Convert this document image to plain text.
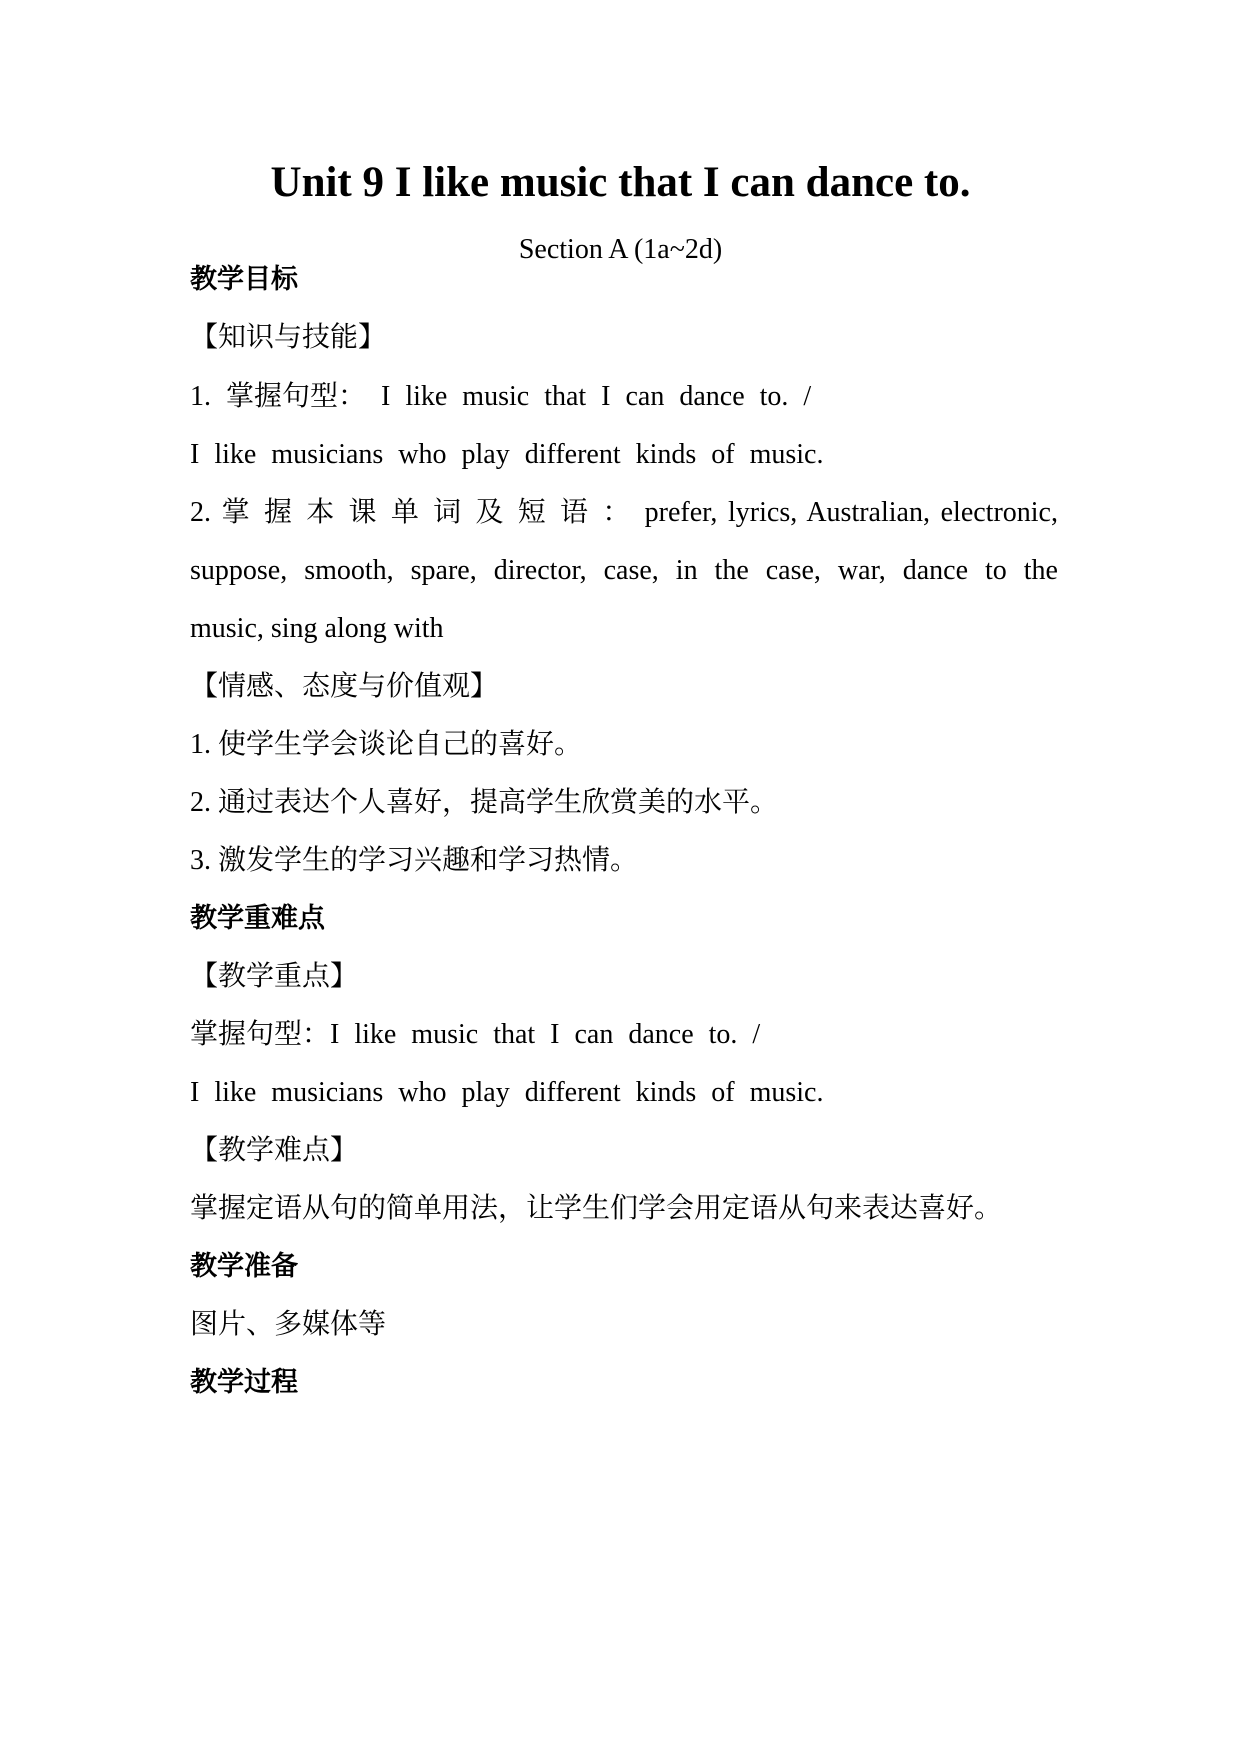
Unit 9 I like music that I can dance to.
Section A (1a~2d)
教学目标
【知识与技能】
1. 掌握句型： I like music that I can dance to. /
I like musicians who play different kinds of music.
2. 掌 握 本 课 单 词 及 短 语 ： prefer, lyrics, Australian, electronic,
suppose, smooth, spare, director, case, in the case, war, dance to the
music, sing along with
【情感、态度与价值观】
1. 使学生学会谈论自己的喜好。
2. 通过表达个人喜好，提高学生欣赏美的水平。
3. 激发学生的学习兴趣和学习热情。
教学重难点
【教学重点】
掌握句型：I like music that I can dance to. /
I like musicians who play different kinds of music.
【教学难点】
掌握定语从句的简单用法，让学生们学会用定语从句来表达喜好。
教学准备
图片、多媒体等
教学过程
